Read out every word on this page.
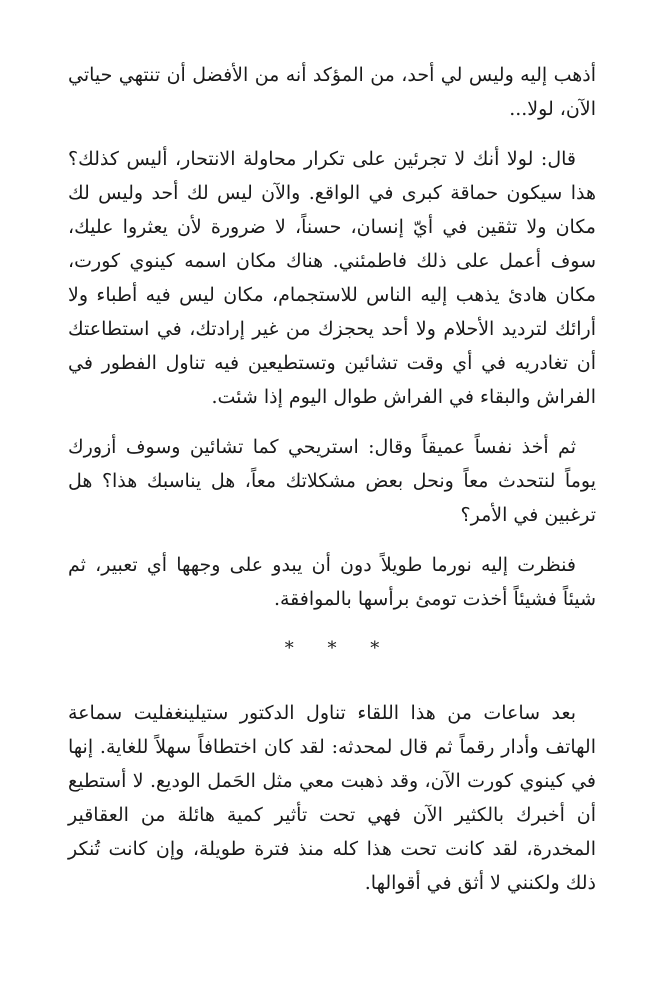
أذهب إليه وليس لي أحد، من المؤكد أنه من الأفضل أن تنتهي حياتي الآن، لولا...

قال: لولا أنك لا تجرئين على تكرار محاولة الانتحار، أليس كذلك؟ هذا سيكون حماقة كبرى في الواقع. والآن ليس لك أحد وليس لك مكان ولا تثقين في أيّ إنسان، حسناً، لا ضرورة لأن يعثروا عليك، سوف أعمل على ذلك فاطمئني. هناك مكان اسمه كينوي كورت، مكان هادئ يذهب إليه الناس للاستجمام، مكان ليس فيه أطباء ولا أرائك لترديد الأحلام ولا أحد يحجزك من غير إرادتك، في استطاعتك أن تغادريه في أي وقت تشائين وتستطيعين فيه تناول الفطور في الفراش والبقاء في الفراش طوال اليوم إذا شئت.

ثم أخذ نفساً عميقاً وقال: استريحي كما تشائين وسوف أزورك يوماً لنتحدث معاً ونحل بعض مشكلاتك معاً، هل يناسبك هذا؟ هل ترغبين في الأمر؟

فنظرت إليه نورما طويلاً دون أن يبدو على وجهها أي تعبير، ثم شيئاً فشيئاً أخذت تومئ برأسها بالموافقة.

* * *

بعد ساعات من هذا اللقاء تناول الدكتور ستيلينغفليت سماعة الهاتف وأدار رقماً ثم قال لمحدثه: لقد كان اختطافاً سهلاً للغاية. إنها في كينوي كورت الآن، وقد ذهبت معي مثل الحَمل الوديع. لا أستطيع أن أخبرك بالكثير الآن فهي تحت تأثير كمية هائلة من العقاقير المخدرة، لقد كانت تحت هذا كله منذ فترة طويلة، وإن كانت تُنكر ذلك ولكنني لا أثق في أقوالها.
